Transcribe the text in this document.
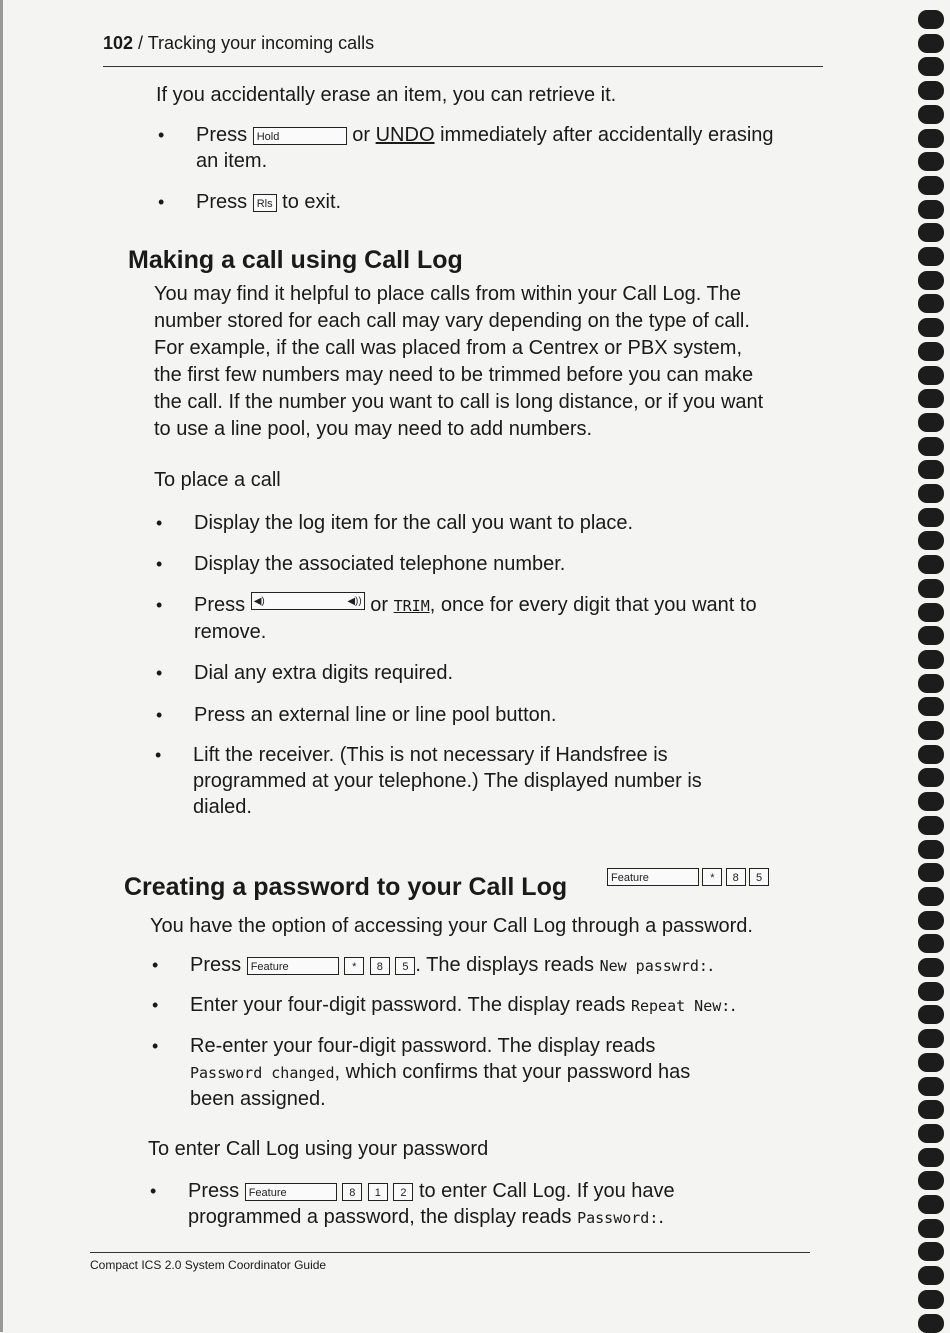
102 / Tracking your incoming calls
If you accidentally erase an item, you can retrieve it.
• Press Hold	or UNDO immediately after accidentally erasing
an item.
• Press Rls to exit.
Making a call using Call Log
You may find it helpful to place calls from within your Call Log. The
number stored for each call may vary depending on the type of call.
For example, if the call was placed from a Centrex or PBX system,
the first few numbers may need to be trimmed before you can make
the call. If the number you want to call is long distance, or if you want
to use a line pool, you may need to add numbers.
To place a call
• Display the log item for the call you want to place.
• Display the associated telephone number.
• Press ◀)	◀)) or TRIM, once for every digit that you want to
remove.
• Dial any extra digits required.
• Press an external line or line pool button.
• Lift the receiver. (This is not necessary if Handsfree is
programmed at your telephone.) The displayed number is
dialed.
Creating a password to your Call Log	Feature	* 8 5
You have the option of accessing your Call Log through a password.
• Press Feature	* 8 5 . The displays reads New passwrd:.
• Enter your four-digit password. The display reads Repeat New:.
• Re-enter your four-digit password. The display reads
Password changed, which confirms that your password has
been assigned.
To enter Call Log using your password
• Press Feature	8 1 2 to enter Call Log. If you have
programmed a password, the display reads Password:.
Compact ICS 2.0 System Coordinator Guide
